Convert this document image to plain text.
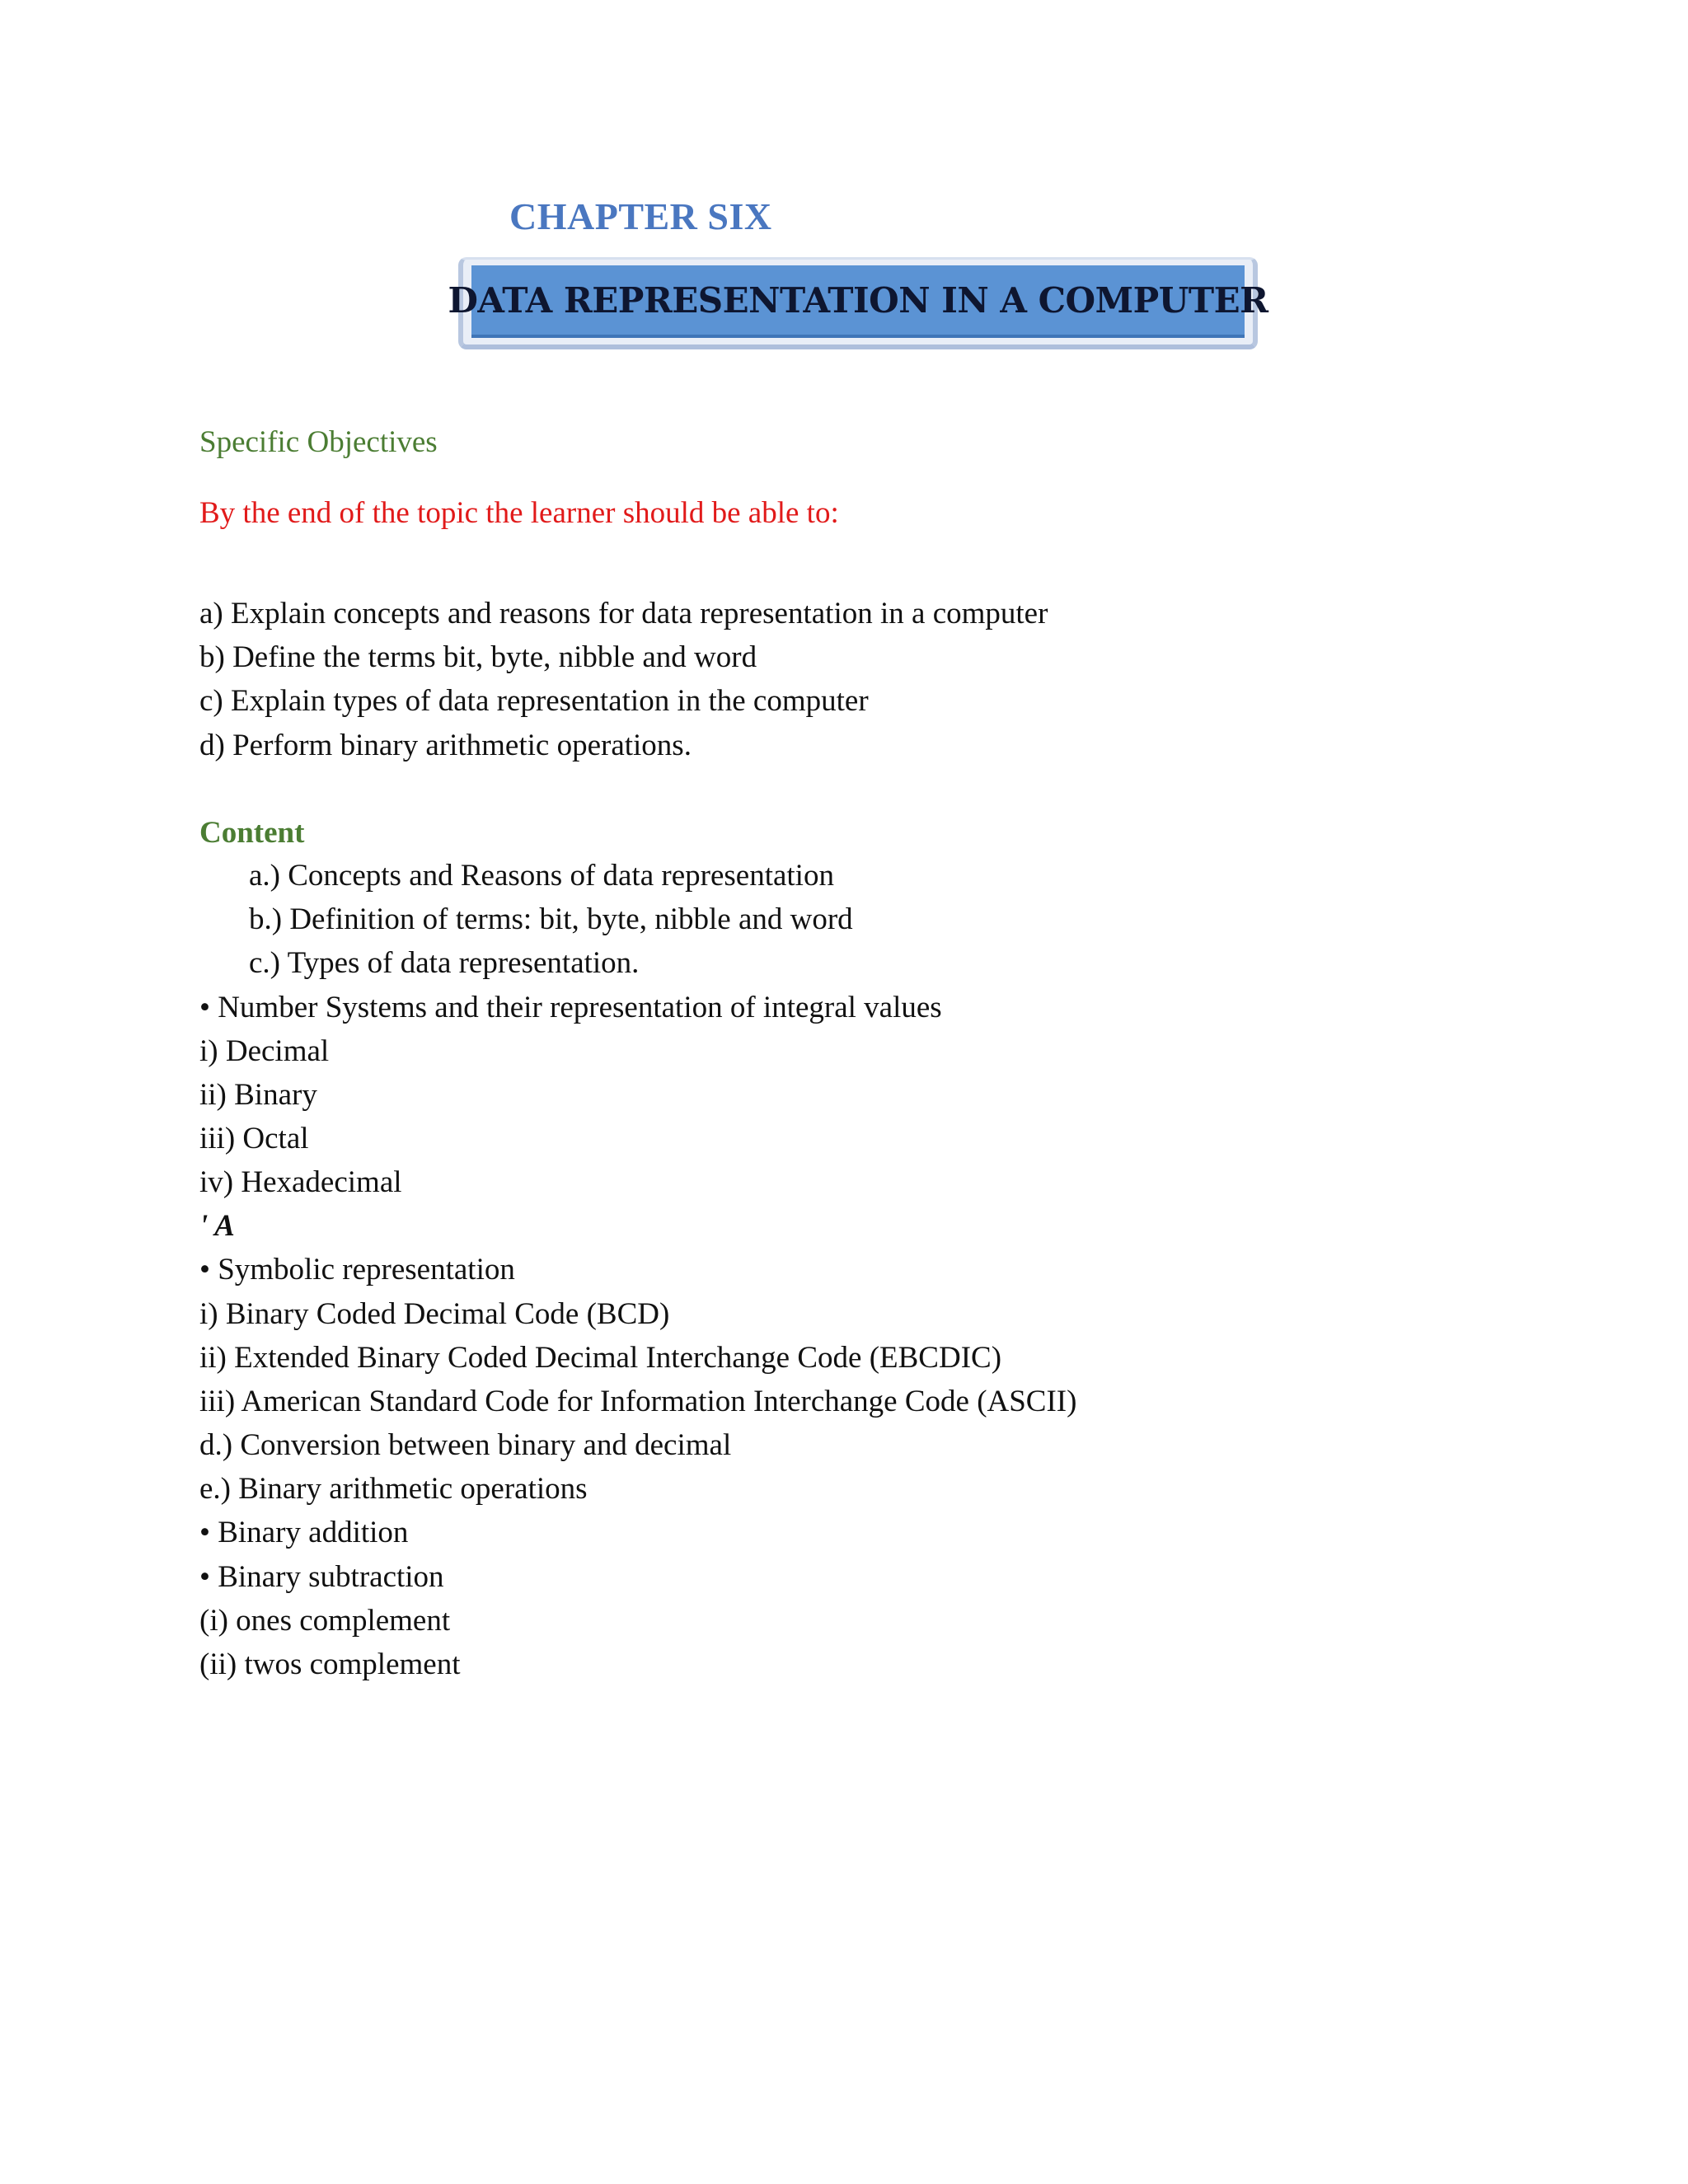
CHAPTER SIX
DATA REPRESENTATION IN A COMPUTER
Specific Objectives
By the end of the topic the learner should be able to:
a) Explain concepts and reasons for data representation in a computer
b) Define the terms bit, byte, nibble and word
c) Explain types of data representation in the computer
d) Perform binary arithmetic operations.
Content
a.) Concepts and Reasons of data representation
b.) Definition of terms: bit, byte, nibble and word
c.) Types of data representation.
• Number Systems and their representation of integral values
i) Decimal
ii) Binary
iii) Octal
iv) Hexadecimal
' A
• Symbolic representation
i) Binary Coded Decimal Code (BCD)
ii) Extended Binary Coded Decimal Interchange Code (EBCDIC)
iii) American Standard Code for Information Interchange Code (ASCII)
d.) Conversion between binary and decimal
e.) Binary arithmetic operations
• Binary addition
• Binary subtraction
(i) ones complement
(ii) twos complement
